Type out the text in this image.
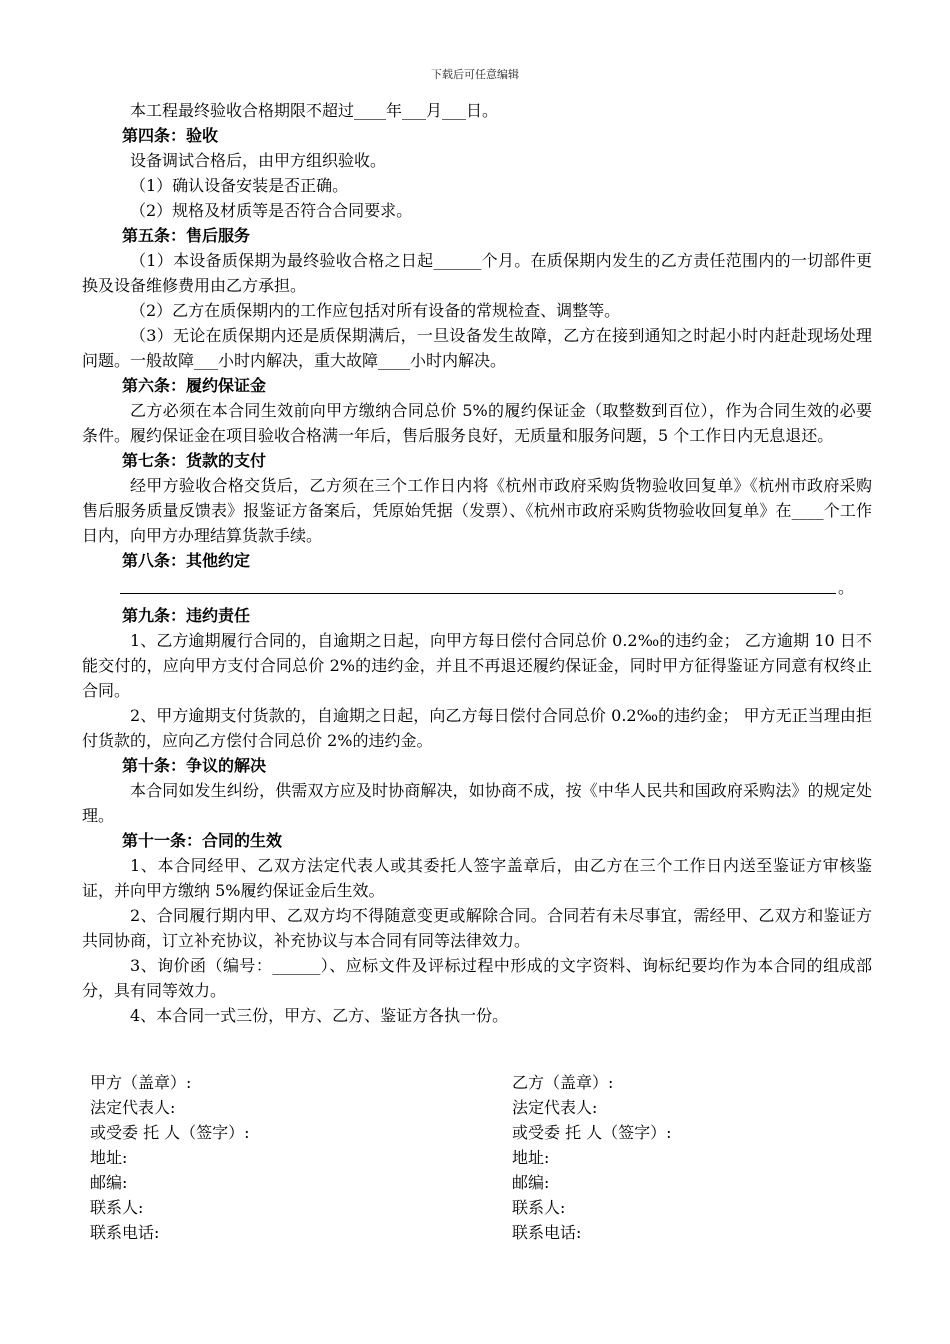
下载后可任意编辑

本工程最终验收合格期限不超过____年___月___日。

第四条：验收

设备调试合格后，由甲方组织验收。

（1）确认设备安装是否正确。

（2）规格及材质等是否符合合同要求。

第五条：售后服务

（1）本设备质保期为最终验收合格之日起______个月。在质保期内发生的乙方责任范围内的一切部件更换及设备维修费用由乙方承担。

（2）乙方在质保期内的工作应包括对所有设备的常规检查、调整等。

（3）无论在质保期内还是质保期满后，一旦设备发生故障，乙方在接到通知之时起小时内赶赴现场处理问题。一般故障___小时内解决，重大故障____小时内解决。

第六条：履约保证金

乙方必须在本合同生效前向甲方缴纳合同总价 5%的履约保证金（取整数到百位），作为合同生效的必要条件。履约保证金在项目验收合格满一年后，售后服务良好，无质量和服务问题，5 个工作日内无息退还。

第七条：货款的支付

经甲方验收合格交货后，乙方须在三个工作日内将《杭州市政府采购货物验收回复单》《杭州市政府采购售后服务质量反馈表》报鉴证方备案后，凭原始凭据（发票）、《杭州市政府采购货物验收回复单》在____个工作日内，向甲方办理结算货款手续。

第八条：其他约定

。

第九条：违约责任

1、乙方逾期履行合同的，自逾期之日起，向甲方每日偿付合同总价 0.2‰的违约金； 乙方逾期 10 日不能交付的，应向甲方支付合同总价 2%的违约金，并且不再退还履约保证金，同时甲方征得鉴证方同意有权终止合同。

2、甲方逾期支付货款的，自逾期之日起，向乙方每日偿付合同总价 0.2‰的违约金； 甲方无正当理由拒付货款的，应向乙方偿付合同总价 2%的违约金。

第十条：争议的解决

本合同如发生纠纷，供需双方应及时协商解决，如协商不成，按《中华人民共和国政府采购法》的规定处理。

第十一条：合同的生效

1、本合同经甲、乙双方法定代表人或其委托人签字盖章后，由乙方在三个工作日内送至鉴证方审核鉴证，并向甲方缴纳 5%履约保证金后生效。

2、合同履行期内甲、乙双方均不得随意变更或解除合同。合同若有未尽事宜，需经甲、乙双方和鉴证方共同协商，订立补充协议，补充协议与本合同有同等法律效力。

3、询价函（编号：______）、应标文件及评标过程中形成的文字资料、询标纪要均作为本合同的组成部分，具有同等效力。

4、本合同一式三份，甲方、乙方、鉴证方各执一份。

甲方（盖章）:

法定代表人:

或受委 托 人（签字）:

地址:

邮编:

联系人:

联系电话:

乙方（盖章）:

法定代表人:

或受委 托 人（签字）:

地址:

邮编:

联系人:

联系电话:
